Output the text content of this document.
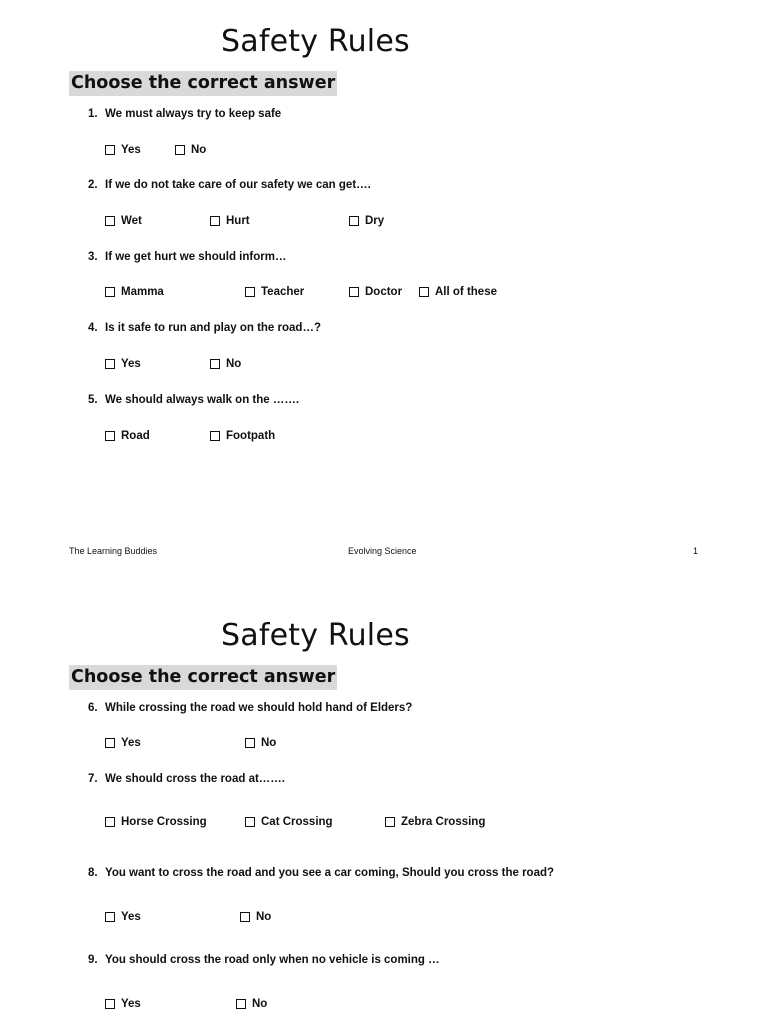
Safety Rules
Choose the correct answer

1. We must always try to keep safe

Yes	No

2. If we do not take care of our safety we can get….

Wet	Hurt	Dry

3. If we get hurt we should inform…

Mamma	Teacher	Doctor	All of these

4. Is it safe to run and play on the road…?

Yes	No

5. We should always walk on the …….

Road	Footpath

The Learning Buddies	Evolving Science	1

Safety Rules
Choose the correct answer

6. While crossing the road we should hold hand of Elders?

Yes	No

7. We should cross the road at…….

Horse Crossing	Cat Crossing	Zebra Crossing

8. You want to cross the road and you see a car coming, Should you cross the road?

Yes	No

9. You should cross the road only when no vehicle is coming …

Yes	No
